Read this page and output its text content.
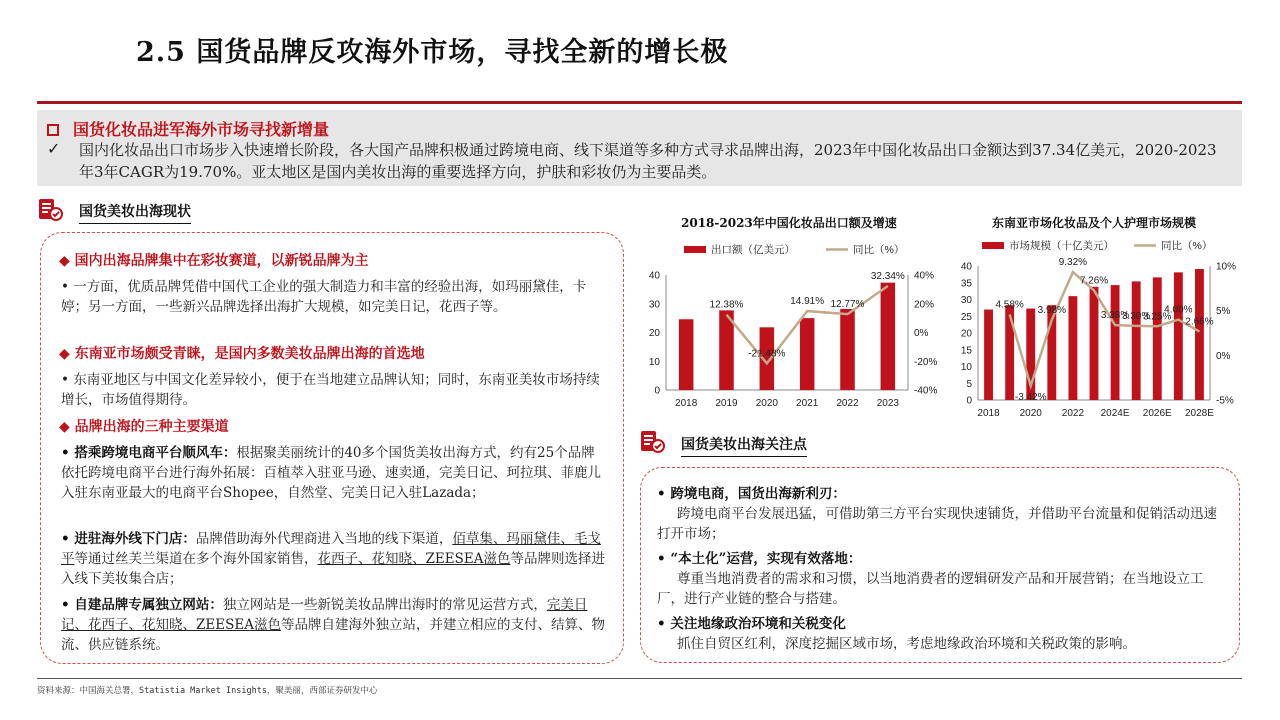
2.5 国货品牌反攻海外市场，寻找全新的增长极
国货化妆品进军海外市场寻找新增量
✓ 国内化妆品出口市场步入快速增长阶段，各大国产品牌积极通过跨境电商、线下渠道等多种方式寻求品牌出海，2023年中国化妆品出口金额达到37.34亿美元，2020-2023年3年CAGR为19.70%。亚太地区是国内美妆出海的重要选择方向，护肤和彩妆仍为主要品类。
国货美妆出海现状
◆ 国内出海品牌集中在彩妆赛道，以新锐品牌为主
• 一方面，优质品牌凭借中国代工企业的强大制造力和丰富的经验出海，如玛丽黛佳，卡婷；另一方面，一些新兴品牌选择出海扩大规模，如完美日记，花西子等。
◆ 东南亚市场颇受青睐，是国内多数美妆品牌出海的首选地
• 东南亚地区与中国文化差异较小，便于在当地建立品牌认知；同时，东南亚美妆市场持续增长，市场值得期待。
◆ 品牌出海的三种主要渠道
• 搭乘跨境电商平台顺风车：根据聚美丽统计的40多个国货美妆出海方式，约有25个品牌依托跨境电商平台进行海外拓展：百植萃入驻亚马逊、速卖通，完美日记、珂拉琪、菲鹿儿入驻东南亚最大的电商平台Shopee，自然堂、完美日记入驻Lazada；
• 进驻海外线下门店：品牌借助海外代理商进入当地的线下渠道，佰草集、玛丽黛佳、毛戈平等通过丝芙兰渠道在多个海外国家销售，花西子、花知晓、ZEESEA滋色等品牌则选择进入线下美妆集合店；
• 自建品牌专属独立网站：独立网站是一些新锐美妆品牌出海时的常见运营方式，完美日记、花西子、花知晓、ZEESEA滋色等品牌自建海外独立站，并建立相应的支付、结算、物流、供应链系统。
2018-2023年中国化妆品出口额及增速
出口额（亿美元）	同比（%）
0
10
20
30
40
-40%
-20%
0%
20%
40%
2018 2019 2020 2021 2022 2023
12.38%
-21.48%
14.91% 12.77%
32.34%
东南亚市场化妆品及个人护理市场规模
市场规模（十亿美元）	同比（%）
0
5
10
15
20
25
30
35
40
-5%
0%
5%
10%
2018 2020 2022 2024E 2026E 2028E
4.58%
-3.42%
3.98%
9.32%
7.26%
3.38%
3.30%
3.25%
4.00%
2.66%
国货美妆出海关注点
• 跨境电商，国货出海新利刃：
跨境电商平台发展迅猛，可借助第三方平台实现快速铺货，并借助平台流量和促销活动迅速打开市场；
• “本土化”运营，实现有效落地：
尊重当地消费者的需求和习惯，以当地消费者的逻辑研发产品和开展营销；在当地设立工厂，进行产业链的整合与搭建。
• 关注地缘政治环境和关税变化
抓住自贸区红利，深度挖掘区域市场，考虑地缘政治环境和关税政策的影响。
资料来源：中国海关总署，Statistia Market Insights，聚美丽，西部证券研发中心
